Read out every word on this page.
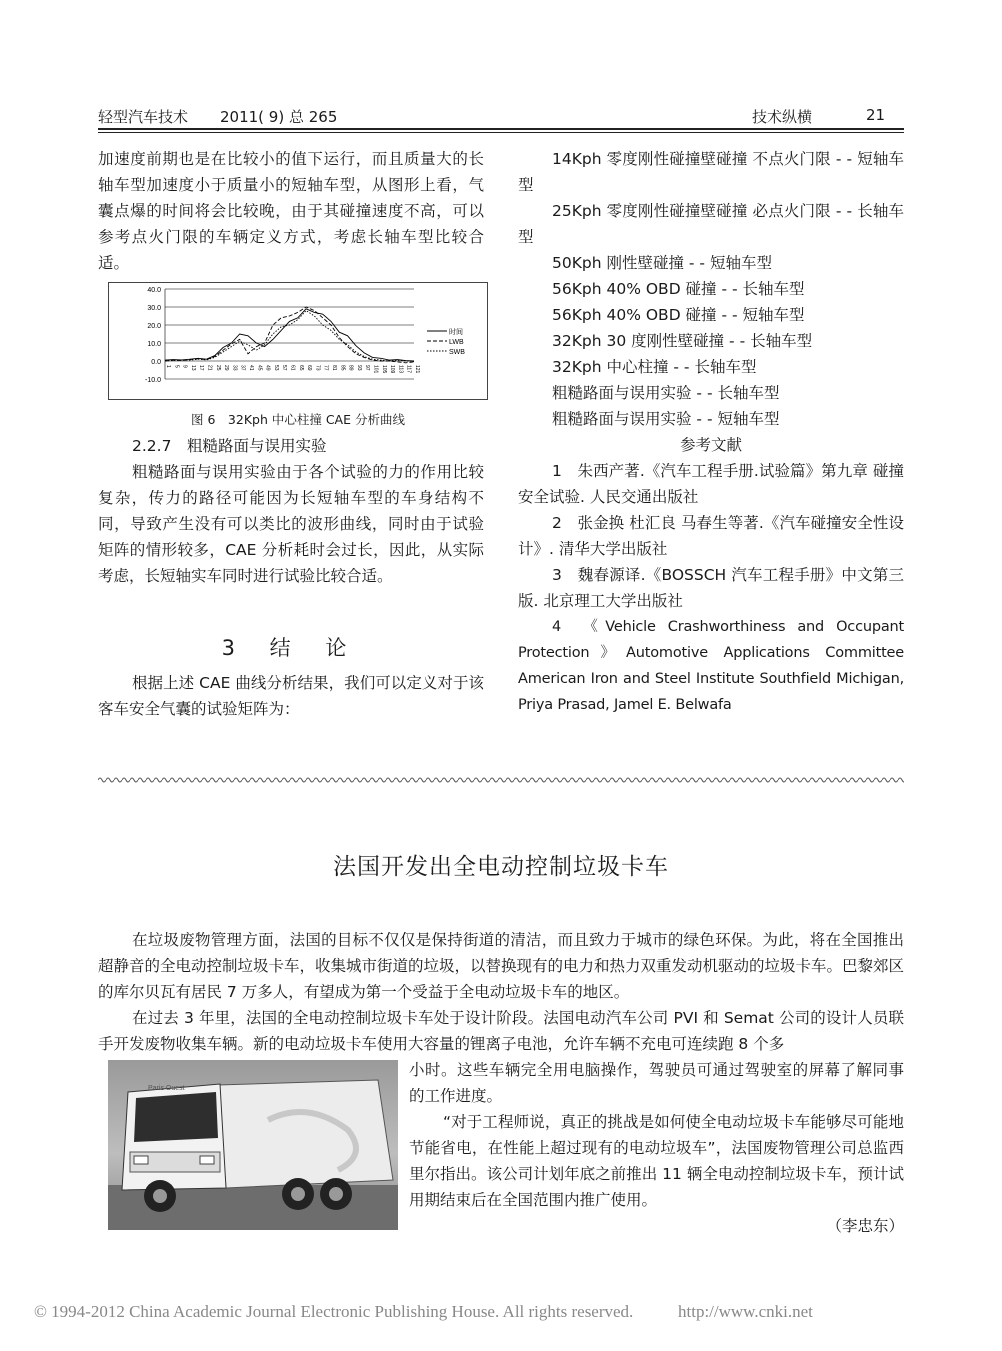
轻型汽车技术 2011( 9) 总 265	技术纵横	21

加速度前期也是在比较小的值下运行，而且质量大的长轴车型加速度小于质量小的短轴车型，从图形上看，气囊点爆的时间将会比较晚，由于其碰撞速度不高，可以参考点火门限的车辆定义方式，考虑长轴车型比较合适。

40.0
30.0
20.0
10.0
0.0
-10.0
1 5 9 13 17 21 25 29 33 37 41 45 49 53 57 61 65 69 73 77 81 85 89 93 97 101 105 109 113 117 121
时间
LWB
SWB
图 6　32Kph 中心柱撞 CAE 分析曲线
2.2.7　粗糙路面与误用实验

粗糙路面与误用实验由于各个试验的力的作用比较复杂，传力的路径可能因为长短轴车型的车身结构不同，导致产生没有可以类比的波形曲线，同时由于试验矩阵的情形较多，CAE 分析耗时会过长，因此，从实际考虑，长短轴实车同时进行试验比较合适。

3 结 论

根据上述 CAE 曲线分析结果，我们可以定义对于该客车安全气囊的试验矩阵为：

14Kph 零度刚性碰撞壁碰撞 不点火门限 - - 短轴车型

25Kph 零度刚性碰撞壁碰撞 必点火门限 - - 长轴车型

50Kph 刚性壁碰撞 - - 短轴车型

56Kph 40% OBD 碰撞 - - 长轴车型

56Kph 40% OBD 碰撞 - - 短轴车型

32Kph 30 度刚性壁碰撞 - - 长轴车型

32Kph 中心柱撞 - - 长轴车型

粗糙路面与误用实验 - - 长轴车型

粗糙路面与误用实验 - - 短轴车型

参考文献

1　朱西产著.《汽车工程手册.试验篇》第九章 碰撞安全试验. 人民交通出版社

2　张金换 杜汇良 马春生等著.《汽车碰撞安全性设计》. 清华大学出版社

3　魏春源译.《BOSSCH 汽车工程手册》中文第三版. 北京理工大学出版社

4　《Vehicle Crashworthiness and Occupant Protection》Automotive Applications Committee American Iron and Steel Institute Southfield Michigan, Priya Prasad, Jamel E. Belwafa

法国开发出全电动控制垃圾卡车

在垃圾废物管理方面，法国的目标不仅仅是保持街道的清洁，而且致力于城市的绿色环保。为此，将在全国推出超静音的全电动控制垃圾卡车，收集城市街道的垃圾，以替换现有的电力和热力双重发动机驱动的垃圾卡车。巴黎郊区的库尔贝瓦有居民 7 万多人，有望成为第一个受益于全电动垃圾卡车的地区。

在过去 3 年里，法国的全电动控制垃圾卡车处于设计阶段。法国电动汽车公司 PVI 和 Semat 公司的设计人员联手开发废物收集车辆。新的电动垃圾卡车使用大容量的锂离子电池，允许车辆不充电可连续跑 8 个多

Paris Ouest

小时。这些车辆完全用电脑操作，驾驶员可通过驾驶室的屏幕了解同事的工作进度。

“对于工程师说，真正的挑战是如何使全电动垃圾卡车能够尽可能地节能省电，在性能上超过现有的电动垃圾车”，法国废物管理公司总监西里尔指出。该公司计划年底之前推出 11 辆全电动控制垃圾卡车，预计试用期结束后在全国范围内推广使用。

（李忠东）

© 1994-2012 China Academic Journal Electronic Publishing House. All rights reserved.	http://www.cnki.net
